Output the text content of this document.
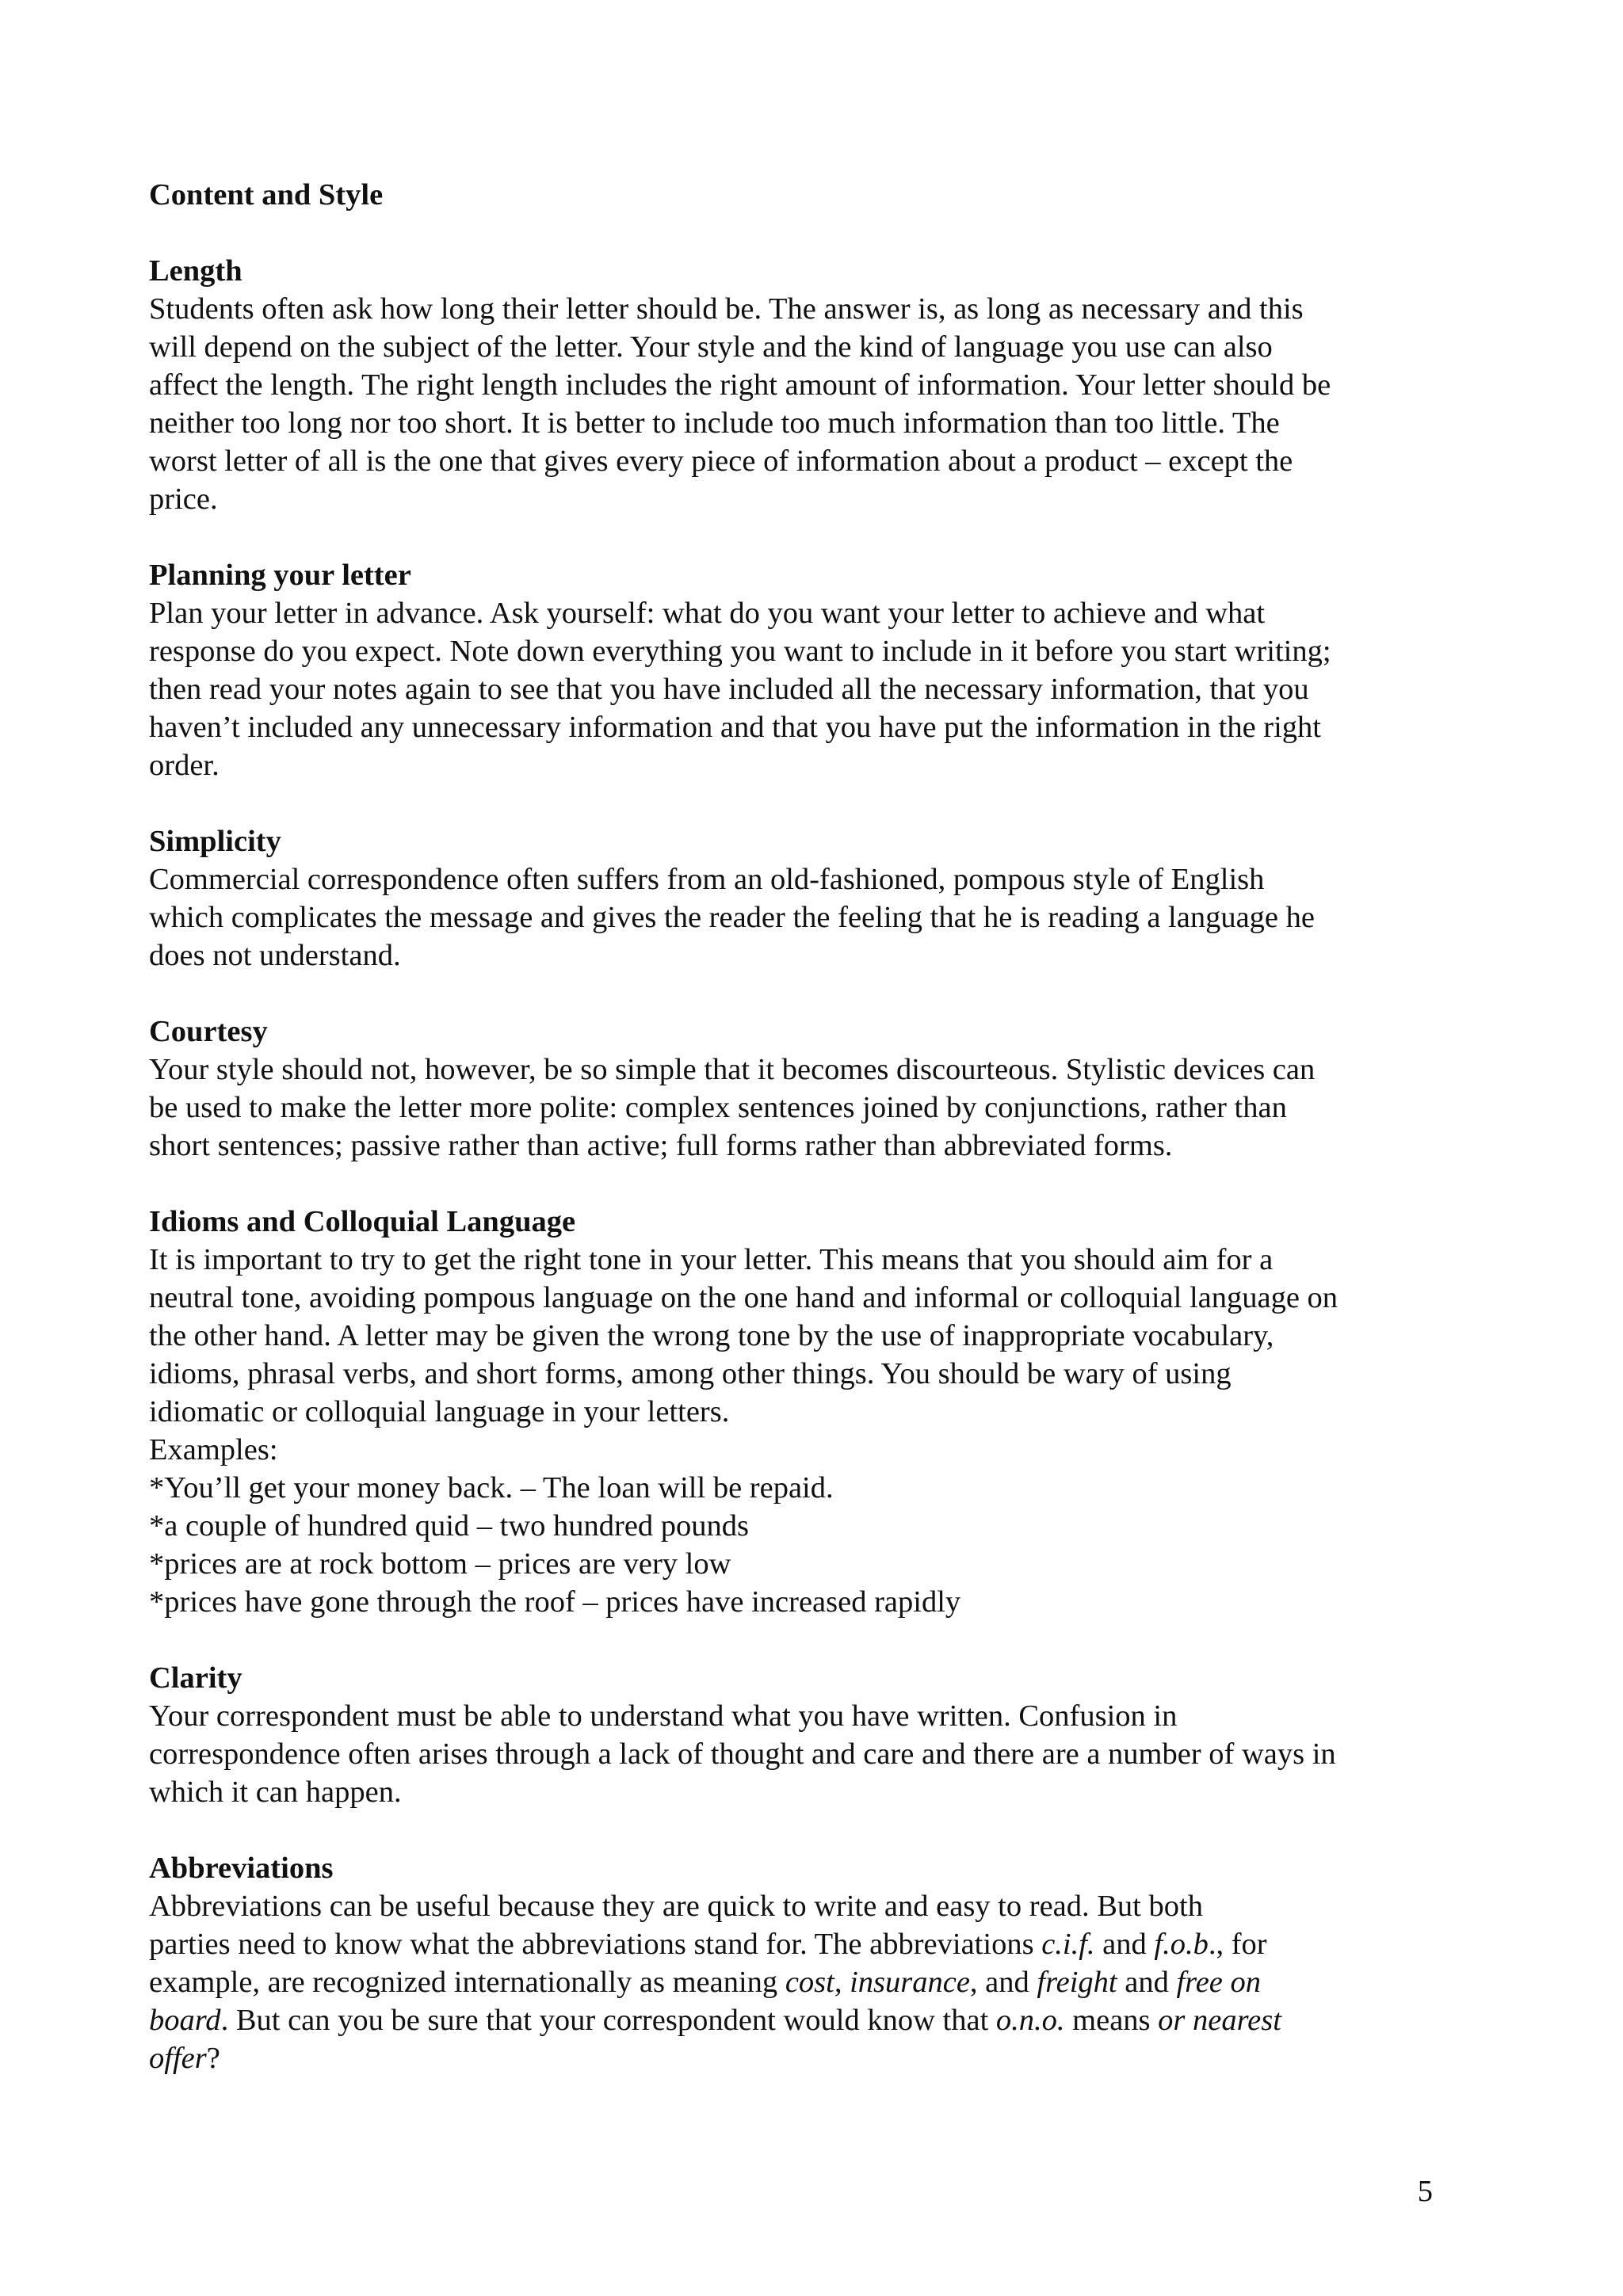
Content and Style
Length
Students often ask how long their letter should be. The answer is, as long as necessary and this
will depend on the subject of the letter. Your style and the kind of language you use can also
affect the length. The right length includes the right amount of information. Your letter should be
neither too long nor too short. It is better to include too much information than too little. The
worst letter of all is the one that gives every piece of information about a product – except the
price.
Planning your letter
Plan your letter in advance. Ask yourself: what do you want your letter to achieve and what
response do you expect. Note down everything you want to include in it before you start writing;
then read your notes again to see that you have included all the necessary information, that you
haven’t included any unnecessary information and that you have put the information in the right
order.
Simplicity
Commercial correspondence often suffers from an old-fashioned, pompous style of English
which complicates the message and gives the reader the feeling that he is reading a language he
does not understand.
Courtesy
Your style should not, however, be so simple that it becomes discourteous. Stylistic devices can
be used to make the letter more polite: complex sentences joined by conjunctions, rather than
short sentences; passive rather than active; full forms rather than abbreviated forms.
Idioms and Colloquial Language
It is important to try to get the right tone in your letter. This means that you should aim for a
neutral tone, avoiding pompous language on the one hand and informal or colloquial language on
the other hand. A letter may be given the wrong tone by the use of inappropriate vocabulary,
idioms, phrasal verbs, and short forms, among other things. You should be wary of using
idiomatic or colloquial language in your letters.
Examples:
*You’ll get your money back. – The loan will be repaid.
*a couple of hundred quid – two hundred pounds
*prices are at rock bottom – prices are very low
*prices have gone through the roof – prices have increased rapidly
Clarity
Your correspondent must be able to understand what you have written. Confusion in
correspondence often arises through a lack of thought and care and there are a number of ways in
which it can happen.
Abbreviations
Abbreviations can be useful because they are quick to write and easy to read. But both
parties need to know what the abbreviations stand for. The abbreviations c.i.f. and f.o.b., for
example, are recognized internationally as meaning cost, insurance, and freight and free on
board. But can you be sure that your correspondent would know that o.n.o. means or nearest
offer?
5
